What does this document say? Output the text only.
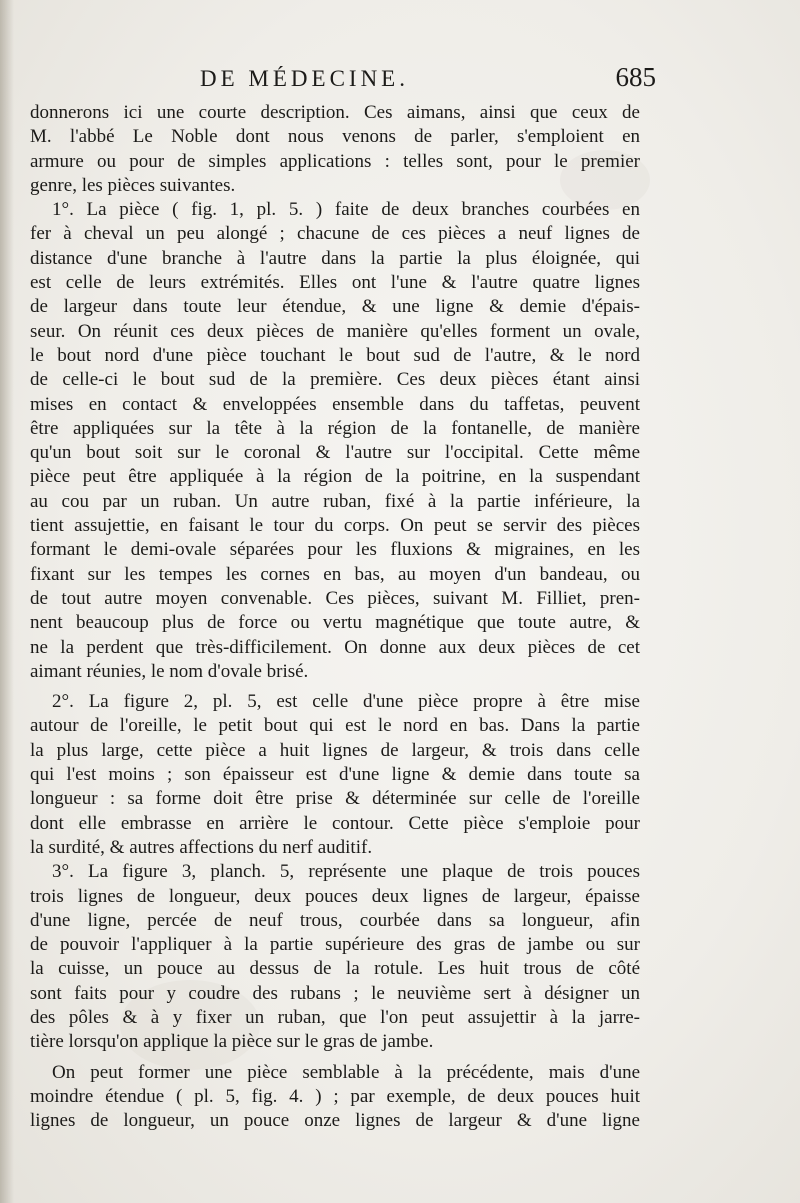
DE MÉDECINE.	685
donnerons ici une courte description. Ces aimans, ainsi que ceux de
M. l'abbé Le Noble dont nous venons de parler, s'emploient en
armure ou pour de simples applications : telles sont, pour le premier
genre, les pièces suivantes.
1°. La pièce ( fig. 1, pl. 5. ) faite de deux branches courbées en
fer à cheval un peu alongé ; chacune de ces pièces a neuf lignes de
distance d'une branche à l'autre dans la partie la plus éloignée, qui
est celle de leurs extrémités. Elles ont l'une & l'autre quatre lignes
de largeur dans toute leur étendue, & une ligne & demie d'épais-
seur. On réunit ces deux pièces de manière qu'elles forment un ovale,
le bout nord d'une pièce touchant le bout sud de l'autre, & le nord
de celle-ci le bout sud de la première. Ces deux pièces étant ainsi
mises en contact & enveloppées ensemble dans du taffetas, peuvent
être appliquées sur la tête à la région de la fontanelle, de manière
qu'un bout soit sur le coronal & l'autre sur l'occipital. Cette même
pièce peut être appliquée à la région de la poitrine, en la suspendant
au cou par un ruban. Un autre ruban, fixé à la partie inférieure, la
tient assujettie, en faisant le tour du corps. On peut se servir des pièces
formant le demi-ovale séparées pour les fluxions & migraines, en les
fixant sur les tempes les cornes en bas, au moyen d'un bandeau, ou
de tout autre moyen convenable. Ces pièces, suivant M. Filliet, pren-
nent beaucoup plus de force ou vertu magnétique que toute autre, &
ne la perdent que très-difficilement. On donne aux deux pièces de cet
aimant réunies, le nom d'ovale brisé.
2°. La figure 2, pl. 5, est celle d'une pièce propre à être mise
autour de l'oreille, le petit bout qui est le nord en bas. Dans la partie
la plus large, cette pièce a huit lignes de largeur, & trois dans celle
qui l'est moins ; son épaisseur est d'une ligne & demie dans toute sa
longueur : sa forme doit être prise & déterminée sur celle de l'oreille
dont elle embrasse en arrière le contour. Cette pièce s'emploie pour
la surdité, & autres affections du nerf auditif.
3°. La figure 3, planch. 5, représente une plaque de trois pouces
trois lignes de longueur, deux pouces deux lignes de largeur, épaisse
d'une ligne, percée de neuf trous, courbée dans sa longueur, afin
de pouvoir l'appliquer à la partie supérieure des gras de jambe ou sur
la cuisse, un pouce au dessus de la rotule. Les huit trous de côté
sont faits pour y coudre des rubans ; le neuvième sert à désigner un
des pôles & à y fixer un ruban, que l'on peut assujettir à la jarre-
tière lorsqu'on applique la pièce sur le gras de jambe.
On peut former une pièce semblable à la précédente, mais d'une
moindre étendue ( pl. 5, fig. 4. ) ; par exemple, de deux pouces huit
lignes de longueur, un pouce onze lignes de largeur & d'une ligne
